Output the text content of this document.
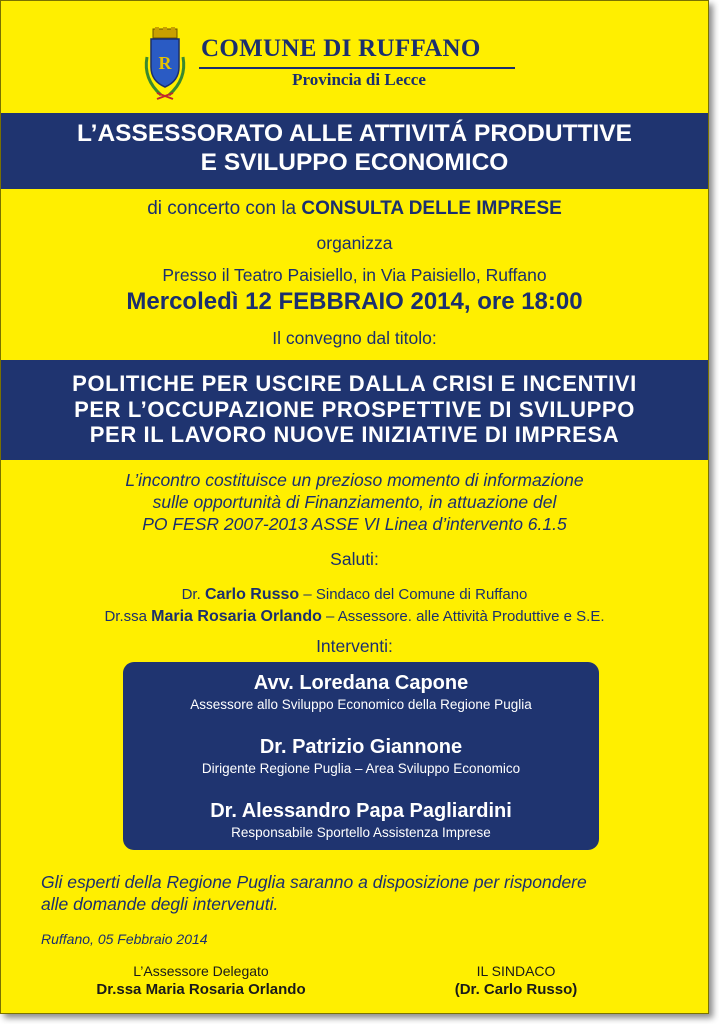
R
COMUNE DI RUFFANO
Provincia di Lecce
L’ASSESSORATO ALLE ATTIVITÁ PRODUTTIVE
E SVILUPPO ECONOMICO
di concerto con la CONSULTA DELLE IMPRESE
organizza
Presso il Teatro Paisiello, in Via Paisiello, Ruffano
Mercoledì 12 FEBBRAIO 2014, ore 18:00
Il convegno dal titolo:
POLITICHE PER USCIRE DALLA CRISI E INCENTIVI
PER L’OCCUPAZIONE PROSPETTIVE DI SVILUPPO
PER IL LAVORO NUOVE INIZIATIVE DI IMPRESA
L’incontro costituisce un prezioso momento di informazione
sulle opportunità di Finanziamento, in attuazione del
PO FESR 2007-2013 ASSE VI Linea d’intervento 6.1.5
Saluti:
Dr. Carlo Russo – Sindaco del Comune di Ruffano
Dr.ssa Maria Rosaria Orlando – Assessore. alle Attività Produttive e S.E.
Interventi:
Avv. Loredana Capone
Assessore allo Sviluppo Economico della Regione Puglia
Dr. Patrizio Giannone
Dirigente Regione Puglia – Area Sviluppo Economico
Dr. Alessandro Papa Pagliardini
Responsabile Sportello Assistenza Imprese
Gli esperti della Regione Puglia saranno a disposizione per rispondere
alle domande degli intervenuti.
Ruffano, 05 Febbraio 2014
L’Assessore Delegato
Dr.ssa Maria Rosaria Orlando
IL SINDACO
(Dr. Carlo Russo)
